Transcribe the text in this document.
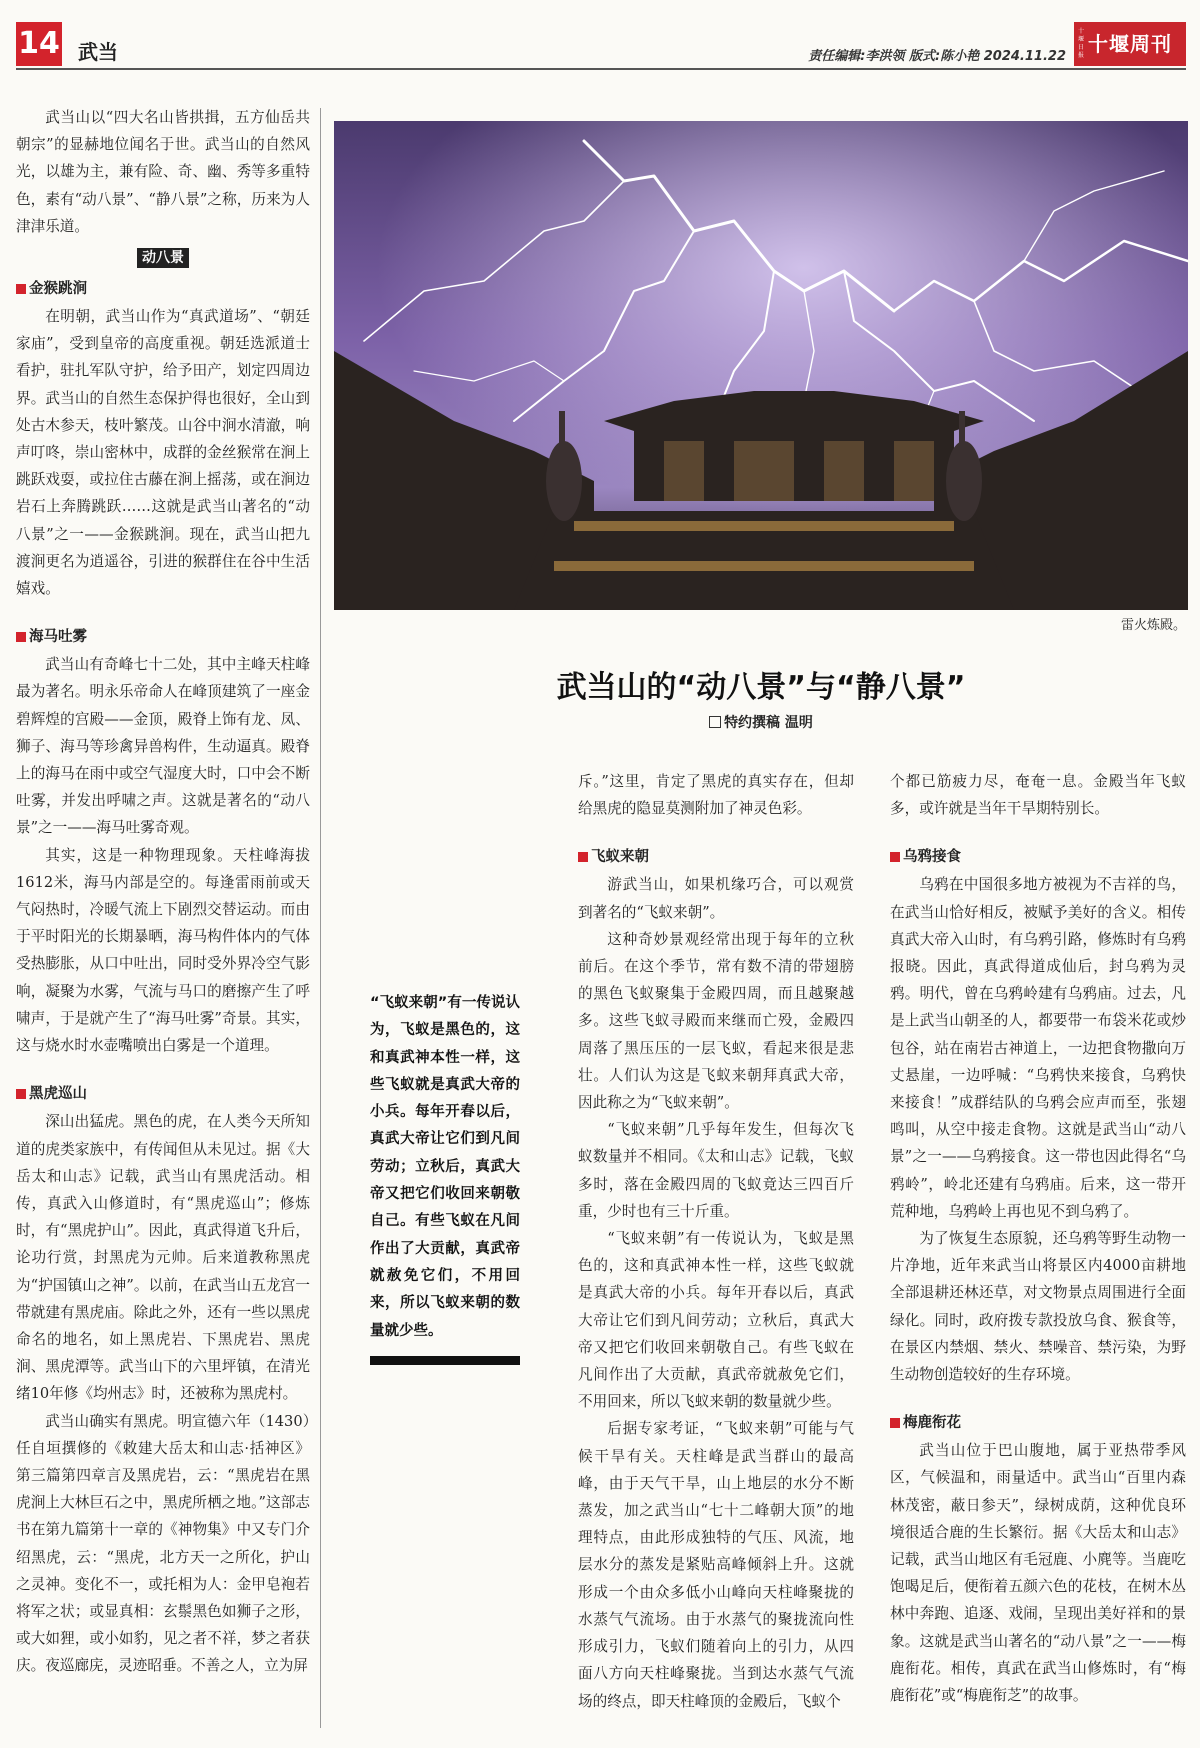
14 武当	责任编辑:李洪领 版式:陈小艳 2024.11.22
十堰日报 十堰周刊

武当山以“四大名山皆拱揖，五方仙岳共朝宗”的显赫地位闻名于世。武当山的自然风光，以雄为主，兼有险、奇、幽、秀等多重特色，素有“动八景”、“静八景”之称，历来为人津津乐道。

动八景
金猴跳涧

在明朝，武当山作为“真武道场”、“朝廷家庙”，受到皇帝的高度重视。朝廷选派道士看护，驻扎军队守护，给予田产，划定四周边界。武当山的自然生态保护得也很好，全山到处古木参天，枝叶繁茂。山谷中涧水清澈，响声叮咚，崇山密林中，成群的金丝猴常在涧上跳跃戏耍，或拉住古藤在涧上摇荡，或在涧边岩石上奔腾跳跃……这就是武当山著名的“动八景”之一——金猴跳涧。现在，武当山把九渡涧更名为逍遥谷，引进的猴群住在谷中生活嬉戏。

海马吐雾

武当山有奇峰七十二处，其中主峰天柱峰最为著名。明永乐帝命人在峰顶建筑了一座金碧辉煌的宫殿——金顶，殿脊上饰有龙、凤、狮子、海马等珍禽异兽构件，生动逼真。殿脊上的海马在雨中或空气湿度大时，口中会不断吐雾，并发出呼啸之声。这就是著名的“动八景”之一——海马吐雾奇观。

其实，这是一种物理现象。天柱峰海拔1612米，海马内部是空的。每逢雷雨前或天气闷热时，冷暖气流上下剧烈交替运动。而由于平时阳光的长期暴晒，海马构件体内的气体受热膨胀，从口中吐出，同时受外界冷空气影响，凝聚为水雾，气流与马口的磨擦产生了呼啸声，于是就产生了“海马吐雾”奇景。其实，这与烧水时水壶嘴喷出白雾是一个道理。

黑虎巡山

深山出猛虎。黑色的虎，在人类今天所知道的虎类家族中，有传闻但从未见过。据《大岳太和山志》记载，武当山有黑虎活动。相传，真武入山修道时，有“黑虎巡山”；修炼时，有“黑虎护山”。因此，真武得道飞升后，论功行赏，封黑虎为元帅。后来道教称黑虎为“护国镇山之神”。以前，在武当山五龙宫一带就建有黑虎庙。除此之外，还有一些以黑虎命名的地名，如上黑虎岩、下黑虎岩、黑虎涧、黑虎潭等。武当山下的六里坪镇，在清光绪10年修《均州志》时，还被称为黑虎村。

武当山确实有黑虎。明宣德六年（1430）任自垣撰修的《敕建大岳太和山志·括神区》第三篇第四章言及黑虎岩，云：“黑虎岩在黑虎涧上大林巨石之中，黑虎所栖之地。”这部志书在第九篇第十一章的《神物集》中又专门介绍黑虎，云：“黑虎，北方天一之所化，护山之灵神。变化不一，或托相为人：金甲皂袍若将军之状；或显真相：玄鬃黑色如狮子之形，或大如狸，或小如豹，见之者不祥，梦之者获庆。夜巡廊庑，灵迹昭垂。不善之人，立为屏

雷火炼殿。
武当山的“动八景”与“静八景”
特约撰稿 温明
“飞蚁来朝”有一传说认为，飞蚁是黑色的，这和真武神本性一样，这些飞蚁就是真武大帝的小兵。每年开春以后，真武大帝让它们到凡间劳动；立秋后，真武大帝又把它们收回来朝敬自己。有些飞蚁在凡间作出了大贡献，真武帝就赦免它们，不用回来，所以飞蚁来朝的数量就少些。

斥。”这里，肯定了黑虎的真实存在，但却给黑虎的隐显莫测附加了神灵色彩。

飞蚁来朝

游武当山，如果机缘巧合，可以观赏到著名的“飞蚁来朝”。

这种奇妙景观经常出现于每年的立秋前后。在这个季节，常有数不清的带翅膀的黑色飞蚁聚集于金殿四周，而且越聚越多。这些飞蚁寻殿而来继而亡殁，金殿四周落了黑压压的一层飞蚁，看起来很是悲壮。人们认为这是飞蚁来朝拜真武大帝，因此称之为“飞蚁来朝”。

“飞蚁来朝”几乎每年发生，但每次飞蚁数量并不相同。《太和山志》记载，飞蚁多时，落在金殿四周的飞蚁竟达三四百斤重，少时也有三十斤重。

“飞蚁来朝”有一传说认为，飞蚁是黑色的，这和真武神本性一样，这些飞蚁就是真武大帝的小兵。每年开春以后，真武大帝让它们到凡间劳动；立秋后，真武大帝又把它们收回来朝敬自己。有些飞蚁在凡间作出了大贡献，真武帝就赦免它们，不用回来，所以飞蚁来朝的数量就少些。

后据专家考证，“飞蚁来朝”可能与气候干旱有关。天柱峰是武当群山的最高峰，由于天气干旱，山上地层的水分不断蒸发，加之武当山“七十二峰朝大顶”的地理特点，由此形成独特的气压、风流，地层水分的蒸发是紧贴高峰倾斜上升。这就形成一个由众多低小山峰向天柱峰聚拢的水蒸气气流场。由于水蒸气的聚拢流向性形成引力，飞蚁们随着向上的引力，从四面八方向天柱峰聚拢。当到达水蒸气气流场的终点，即天柱峰顶的金殿后，飞蚁个

个都已筋疲力尽，奄奄一息。金殿当年飞蚁多，或许就是当年干旱期特别长。

乌鸦接食

乌鸦在中国很多地方被视为不吉祥的鸟，在武当山恰好相反，被赋予美好的含义。相传真武大帝入山时，有乌鸦引路，修炼时有乌鸦报晓。因此，真武得道成仙后，封乌鸦为灵鸦。明代，曾在乌鸦岭建有乌鸦庙。过去，凡是上武当山朝圣的人，都要带一布袋米花或炒包谷，站在南岩古神道上，一边把食物撒向万丈悬崖，一边呼喊：“乌鸦快来接食，乌鸦快来接食！”成群结队的乌鸦会应声而至，张翅鸣叫，从空中接走食物。这就是武当山“动八景”之一——乌鸦接食。这一带也因此得名“乌鸦岭”，岭北还建有乌鸦庙。后来，这一带开荒种地，乌鸦岭上再也见不到乌鸦了。

为了恢复生态原貌，还乌鸦等野生动物一片净地，近年来武当山将景区内4000亩耕地全部退耕还林还草，对文物景点周围进行全面绿化。同时，政府拨专款投放乌食、猴食等，在景区内禁烟、禁火、禁噪音、禁污染，为野生动物创造较好的生存环境。

梅鹿衔花

武当山位于巴山腹地，属于亚热带季风区，气候温和，雨量适中。武当山“百里内森林茂密，蔽日参天”，绿树成荫，这种优良环境很适合鹿的生长繁衍。据《大岳太和山志》记载，武当山地区有毛冠鹿、小麂等。当鹿吃饱喝足后，便衔着五颜六色的花枝，在树木丛林中奔跑、追逐、戏闹，呈现出美好祥和的景象。这就是武当山著名的“动八景”之一——梅鹿衔花。相传，真武在武当山修炼时，有“梅鹿衔花”或“梅鹿衔芝”的故事。
